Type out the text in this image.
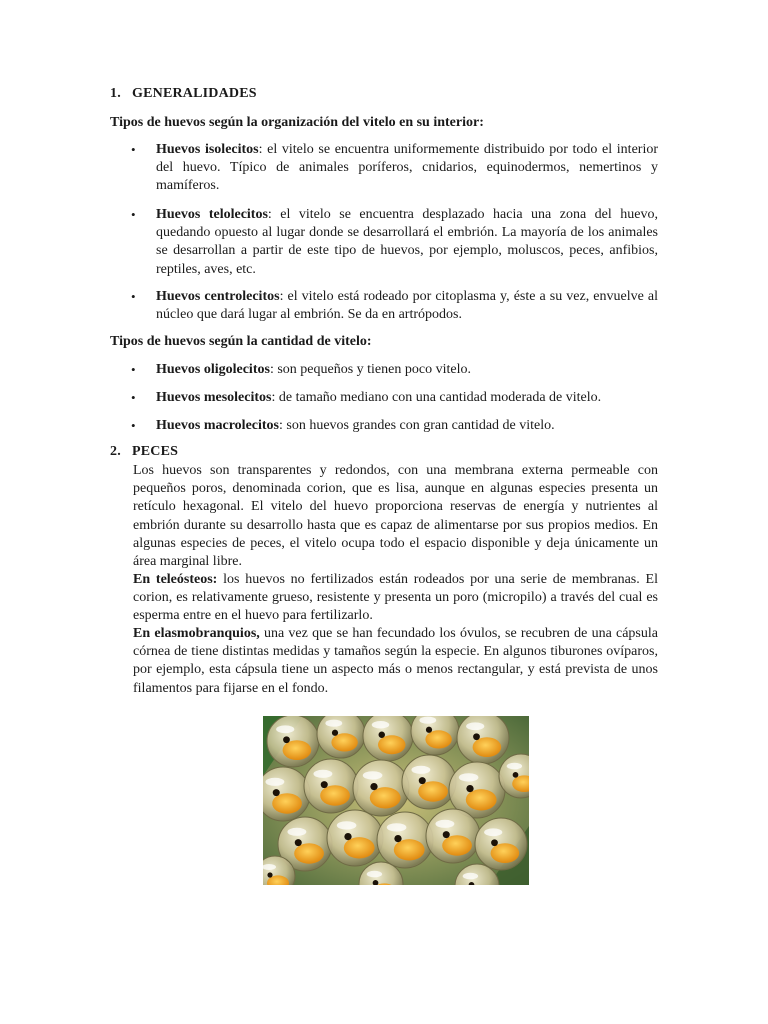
1. GENERALIDADES
Tipos de huevos según la organización del vitelo en su interior:
• Huevos isolecitos: el vitelo se encuentra uniformemente distribuido por todo el interior del huevo. Típico de animales poríferos, cnidarios, equinodermos, nemertinos y mamíferos.
• Huevos telolecitos: el vitelo se encuentra desplazado hacia una zona del huevo, quedando opuesto al lugar donde se desarrollará el embrión. La mayoría de los animales se desarrollan a partir de este tipo de huevos, por ejemplo, moluscos, peces, anfibios, reptiles, aves, etc.
• Huevos centrolecitos: el vitelo está rodeado por citoplasma y, éste a su vez, envuelve al núcleo que dará lugar al embrión. Se da en artrópodos.
Tipos de huevos según la cantidad de vitelo:
• Huevos oligolecitos: son pequeños y tienen poco vitelo.
• Huevos mesolecitos: de tamaño mediano con una cantidad moderada de vitelo.
• Huevos macrolecitos: son huevos grandes con gran cantidad de vitelo.
2. PECES
Los huevos son transparentes y redondos, con una membrana externa permeable con pequeños poros, denominada corion, que es lisa, aunque en algunas especies presenta un retículo hexagonal. El vitelo del huevo proporciona reservas de energía y nutrientes al embrión durante su desarrollo hasta que es capaz de alimentarse por sus propios medios. En algunas especies de peces, el vitelo ocupa todo el espacio disponible y deja únicamente un área marginal libre.
En teleósteos: los huevos no fertilizados están rodeados por una serie de membranas. El corion, es relativamente grueso, resistente y presenta un poro (micropilo) a través del cual es esperma entre en el huevo para fertilizarlo.
En elasmobranquios, una vez que se han fecundado los óvulos, se recubren de una cápsula córnea de tiene distintas medidas y tamaños según la especie. En algunos tiburones ovíparos, por ejemplo, esta cápsula tiene un aspecto más o menos rectangular, y está prevista de unos filamentos para fijarse en el fondo.
